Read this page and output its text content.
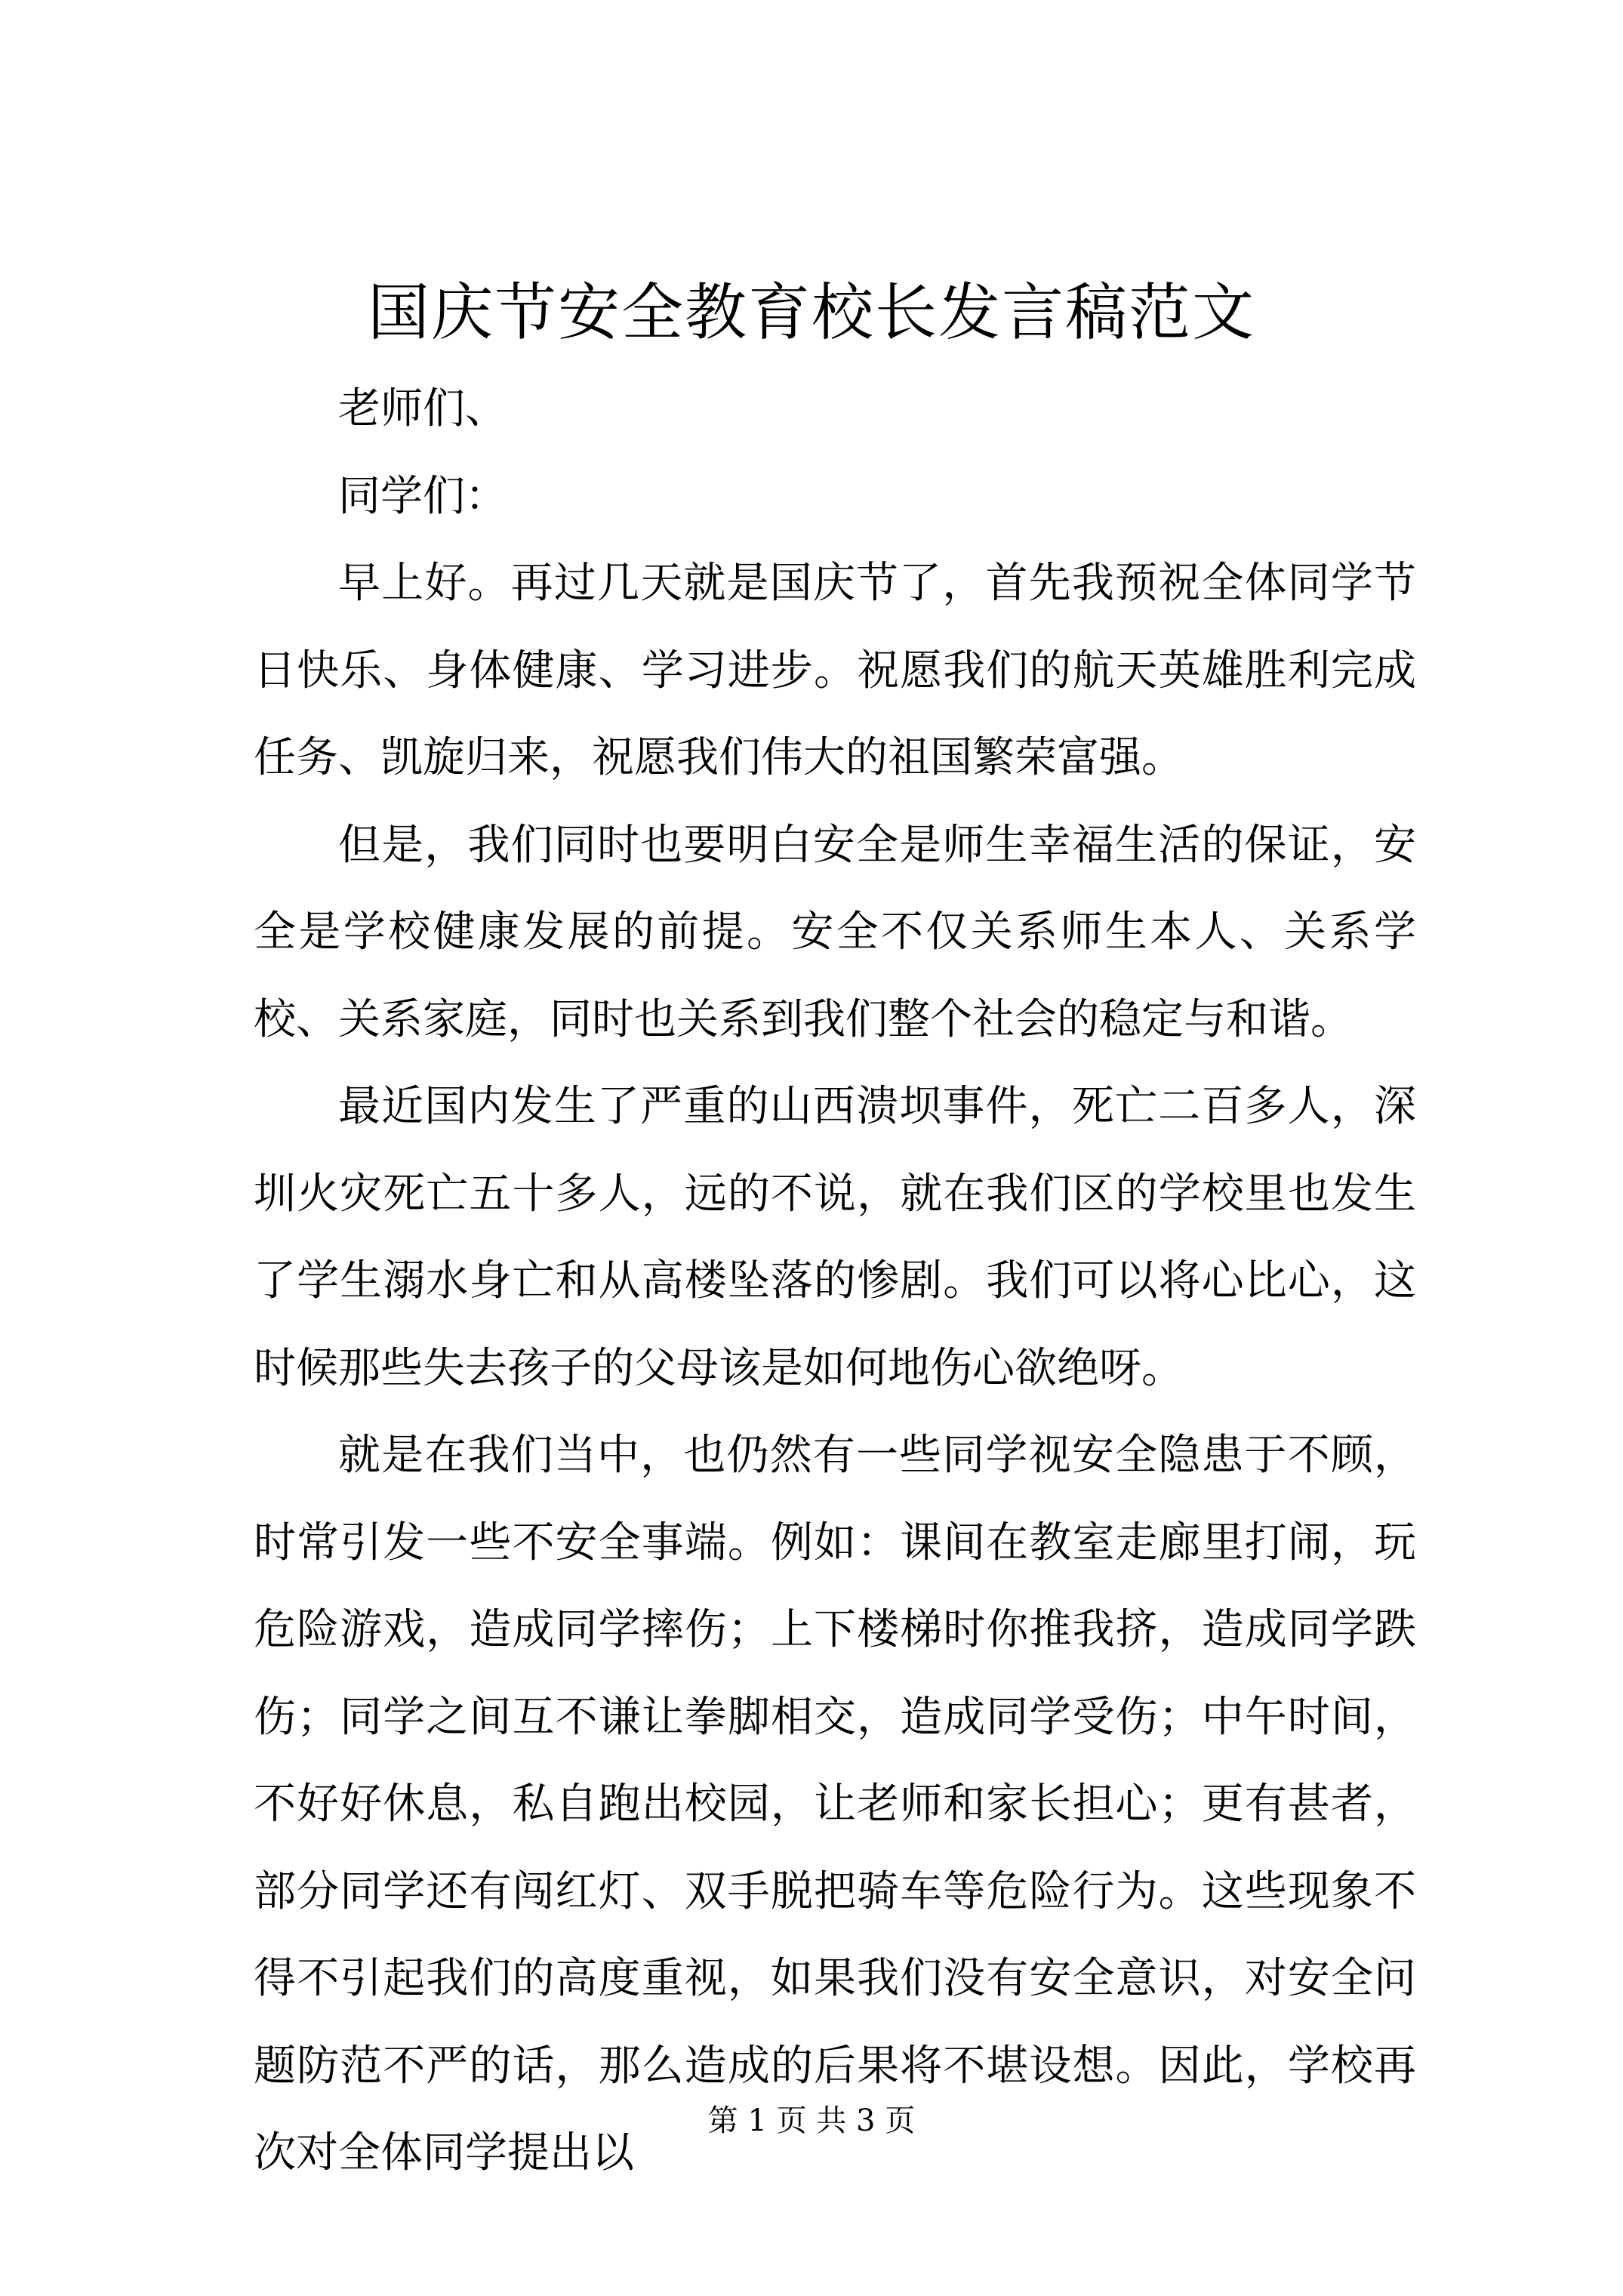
国庆节安全教育校长发言稿范文

老师们、

同学们：

早上好。再过几天就是国庆节了，首先我预祝全体同学节日快乐、身体健康、学习进步。祝愿我们的航天英雄胜利完成任务、凯旋归来，祝愿我们伟大的祖国繁荣富强。

但是，我们同时也要明白安全是师生幸福生活的保证，安全是学校健康发展的前提。安全不仅关系师生本人、关系学校、关系家庭，同时也关系到我们整个社会的稳定与和谐。

最近国内发生了严重的山西溃坝事件，死亡二百多人，深圳火灾死亡五十多人，远的不说，就在我们区的学校里也发生了学生溺水身亡和从高楼坠落的惨剧。我们可以将心比心，这时候那些失去孩子的父母该是如何地伤心欲绝呀。

就是在我们当中，也仍然有一些同学视安全隐患于不顾，时常引发一些不安全事端。例如：课间在教室走廊里打闹，玩危险游戏，造成同学摔伤；上下楼梯时你推我挤，造成同学跌伤；同学之间互不谦让拳脚相交，造成同学受伤；中午时间，不好好休息，私自跑出校园，让老师和家长担心；更有甚者，部分同学还有闯红灯、双手脱把骑车等危险行为。这些现象不得不引起我们的高度重视，如果我们没有安全意识，对安全问题防范不严的话，那么造成的后果将不堪设想。因此，学校再次对全体同学提出以

第 1 页 共 3 页
